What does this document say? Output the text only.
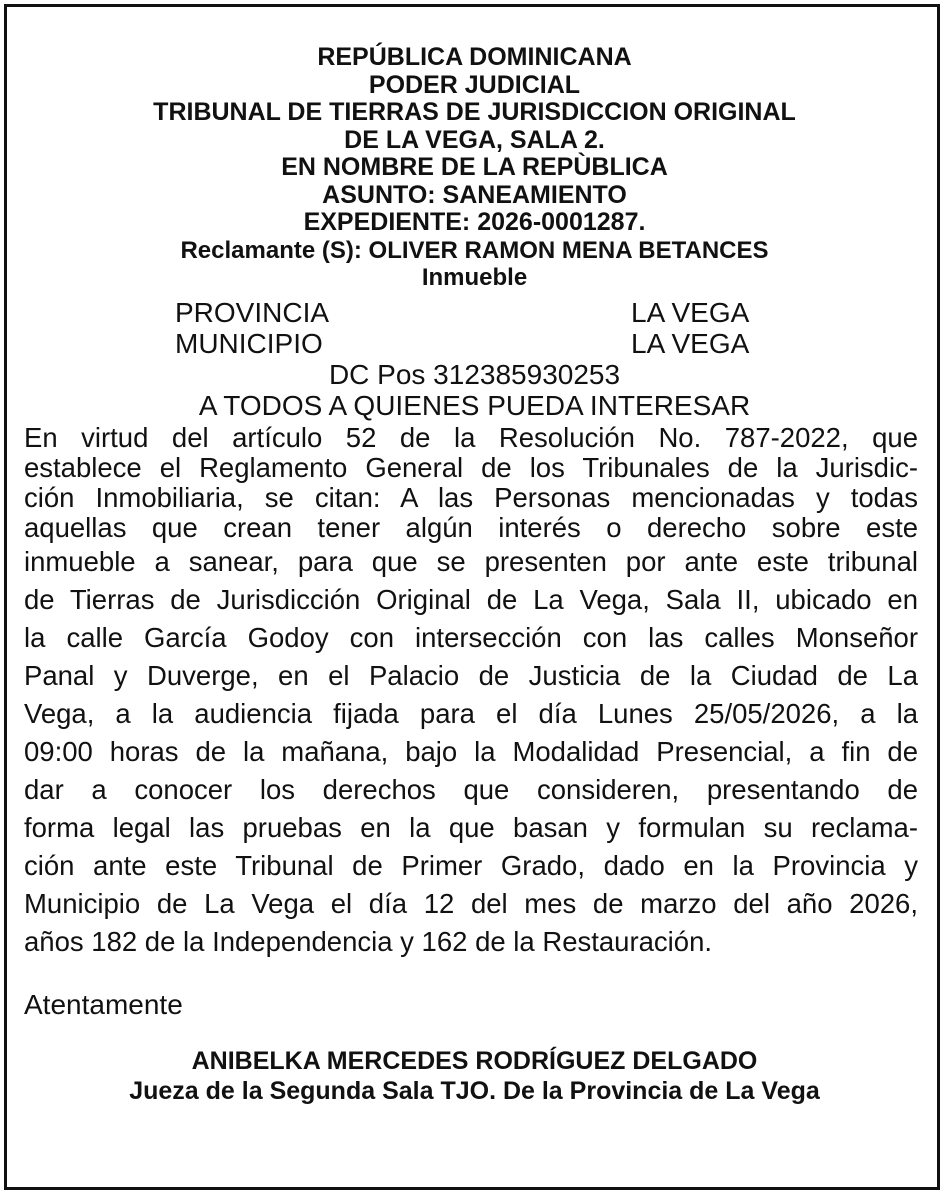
REPÚBLICA DOMINICANA
PODER JUDICIAL
TRIBUNAL DE TIERRAS DE JURISDICCION ORIGINAL
DE LA VEGA, SALA 2.
EN NOMBRE DE LA REPÙBLICA
ASUNTO: SANEAMIENTO
EXPEDIENTE: 2026-0001287.
Reclamante (S): OLIVER RAMON MENA BETANCES
Inmueble
PROVINCIA	LA VEGA
MUNICIPIO	LA VEGA
DC Pos 312385930253
A TODOS A QUIENES PUEDA INTERESAR
En virtud del artículo 52 de la Resolución No. 787-2022, que
establece el Reglamento General de los Tribunales de la Jurisdic-
ción Inmobiliaria, se citan: A las Personas mencionadas y todas
aquellas que crean tener algún interés o derecho sobre este
inmueble a sanear, para que se presenten por ante este tribunal
de Tierras de Jurisdicción Original de La Vega, Sala II, ubicado en
la calle García Godoy con intersección con las calles Monseñor
Panal y Duverge, en el Palacio de Justicia de la Ciudad de La
Vega, a la audiencia fijada para el día Lunes 25/05/2026, a la
09:00 horas de la mañana, bajo la Modalidad Presencial, a fin de
dar a conocer los derechos que consideren, presentando de
forma legal las pruebas en la que basan y formulan su reclama-
ción ante este Tribunal de Primer Grado, dado en la Provincia y
Municipio de La Vega el día 12 del mes de marzo del año 2026,
años 182 de la Independencia y 162 de la Restauración.
Atentamente
ANIBELKA MERCEDES RODRÍGUEZ DELGADO
Jueza de la Segunda Sala TJO. De la Provincia de La Vega
